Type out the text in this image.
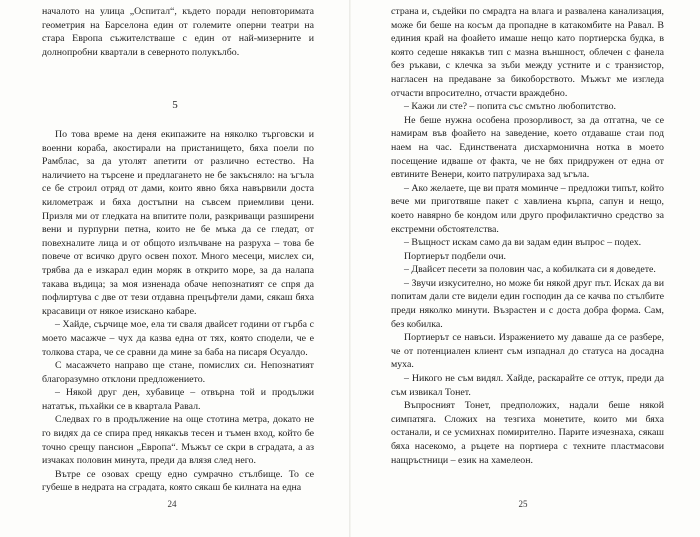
началото на улица „Оспитал“, където поради неповторимата геометрия на Барселона един от големите оперни театри на стара Европа съжителстваше с един от най-мизерните и долнопробни квартали в северното полукълбо.

5

По това време на деня екипажите на няколко търговски и военни кораба, акостирали на пристанището, бяха поели по Рамблас, за да утолят апетити от различно естество. На наличието на търсене и предлагането не бе закъсняло: на ъгъла се бе строил отряд от дами, които явно бяха навървили доста километраж и бяха достъпни на съвсем приемливи цени. Призля ми от гледката на впитите поли, разкриващи разширени вени и пурпурни петна, които не бе мъка да се гледат, от повехналите лица и от общото излъчване на разруха – това бе повече от всичко друго освен похот. Много месеци, мислех си, трябва да е изкарал един моряк в открито море, за да налапа такава въдица; за моя изненада обаче непознатият се спря да пофлиртува с две от тези отдавна прецъфтели дами, сякаш бяха красавици от някое изискано кабаре.

– Хайде, сърчице мое, ела ти сваля двайсет години от гърба с моето масажче – чух да казва една от тях, която сподели, че е толкова стара, че се сравни да мине за баба на писаря Осуалдо.

С масажчето направо ще стане, помислих си. Непознатият благоразумно отклони предложението.

– Някой друг ден, хубавице – отвърна той и продължи нататък, пъхайки се в квартала Равал.

Следвах го в продължение на още стотина метра, докато не го видях да се спира пред някакъв тесен и тъмен вход, който бе точно срещу пансион „Европа“. Мъжът се скри в сградата, а аз изчаках половин минута, преди да влязя след него.

Вътре се озовах срещу едно сумрачно стълбище. То се губеше в недрата на сградата, която сякаш бе килната на една

24

страна и, съдейки по смрадта на влага и развалена канализация, може би беше на косъм да пропадне в катакомбите на Равал. В единия край на фоайето имаше нещо като портиерска будка, в която седеше някакъв тип с мазна външност, облечен с фанела без ръкави, с клечка за зъби между устните и с транзистор, нагласен на предаване за бикоборството. Мъжът ме изгледа отчасти впросително, отчасти враждебно.

– Кажи ли сте? – попита със смътно любопитство.

Не беше нужна особена прозорливост, за да отгатна, че се намирам във фоайето на заведение, което отдаваше стаи под наем на час. Единствената дисхармонична нотка в моето посещение идваше от факта, че не бях придружен от една от евтините Венери, които патрулираха зад ъгъла.

– Ако желаете, ще ви пратя моминче – предложи типът, който вече ми приготвяше пакет с хавлиена кърпа, сапун и нещо, което навярно бе кондом или друго профилактично средство за екстремни обстоятелства.

– Въщност искам само да ви задам един въпрос – подех.

Портиерът подбели очи.

– Двайсет песети за половин час, а кобилката си я доведете.

– Звучи изкусително, но може би някой друг път. Исках да ви попитам дали сте видели един господин да се качва по стълбите преди няколко минути. Възрастен и с доста добра форма. Сам, без кобилка.

Портиерът се навъси. Изражението му даваше да се разбере, че от потенциален клиент съм изпаднал до статуса на досадна муха.

– Никого не съм видял. Хайде, раскарайте се оттук, преди да съм извикал Тонет.

Въпросният Тонет, предположих, надали беше някой симпатяга. Сложих на тезгиха монетите, които ми бяха останали, и се усмихнах помирително. Парите изчезнаха, сякаш бяха насекомо, а ръцете на портиера с техните пластмасови нащръстници – език на хамелеон.

25
